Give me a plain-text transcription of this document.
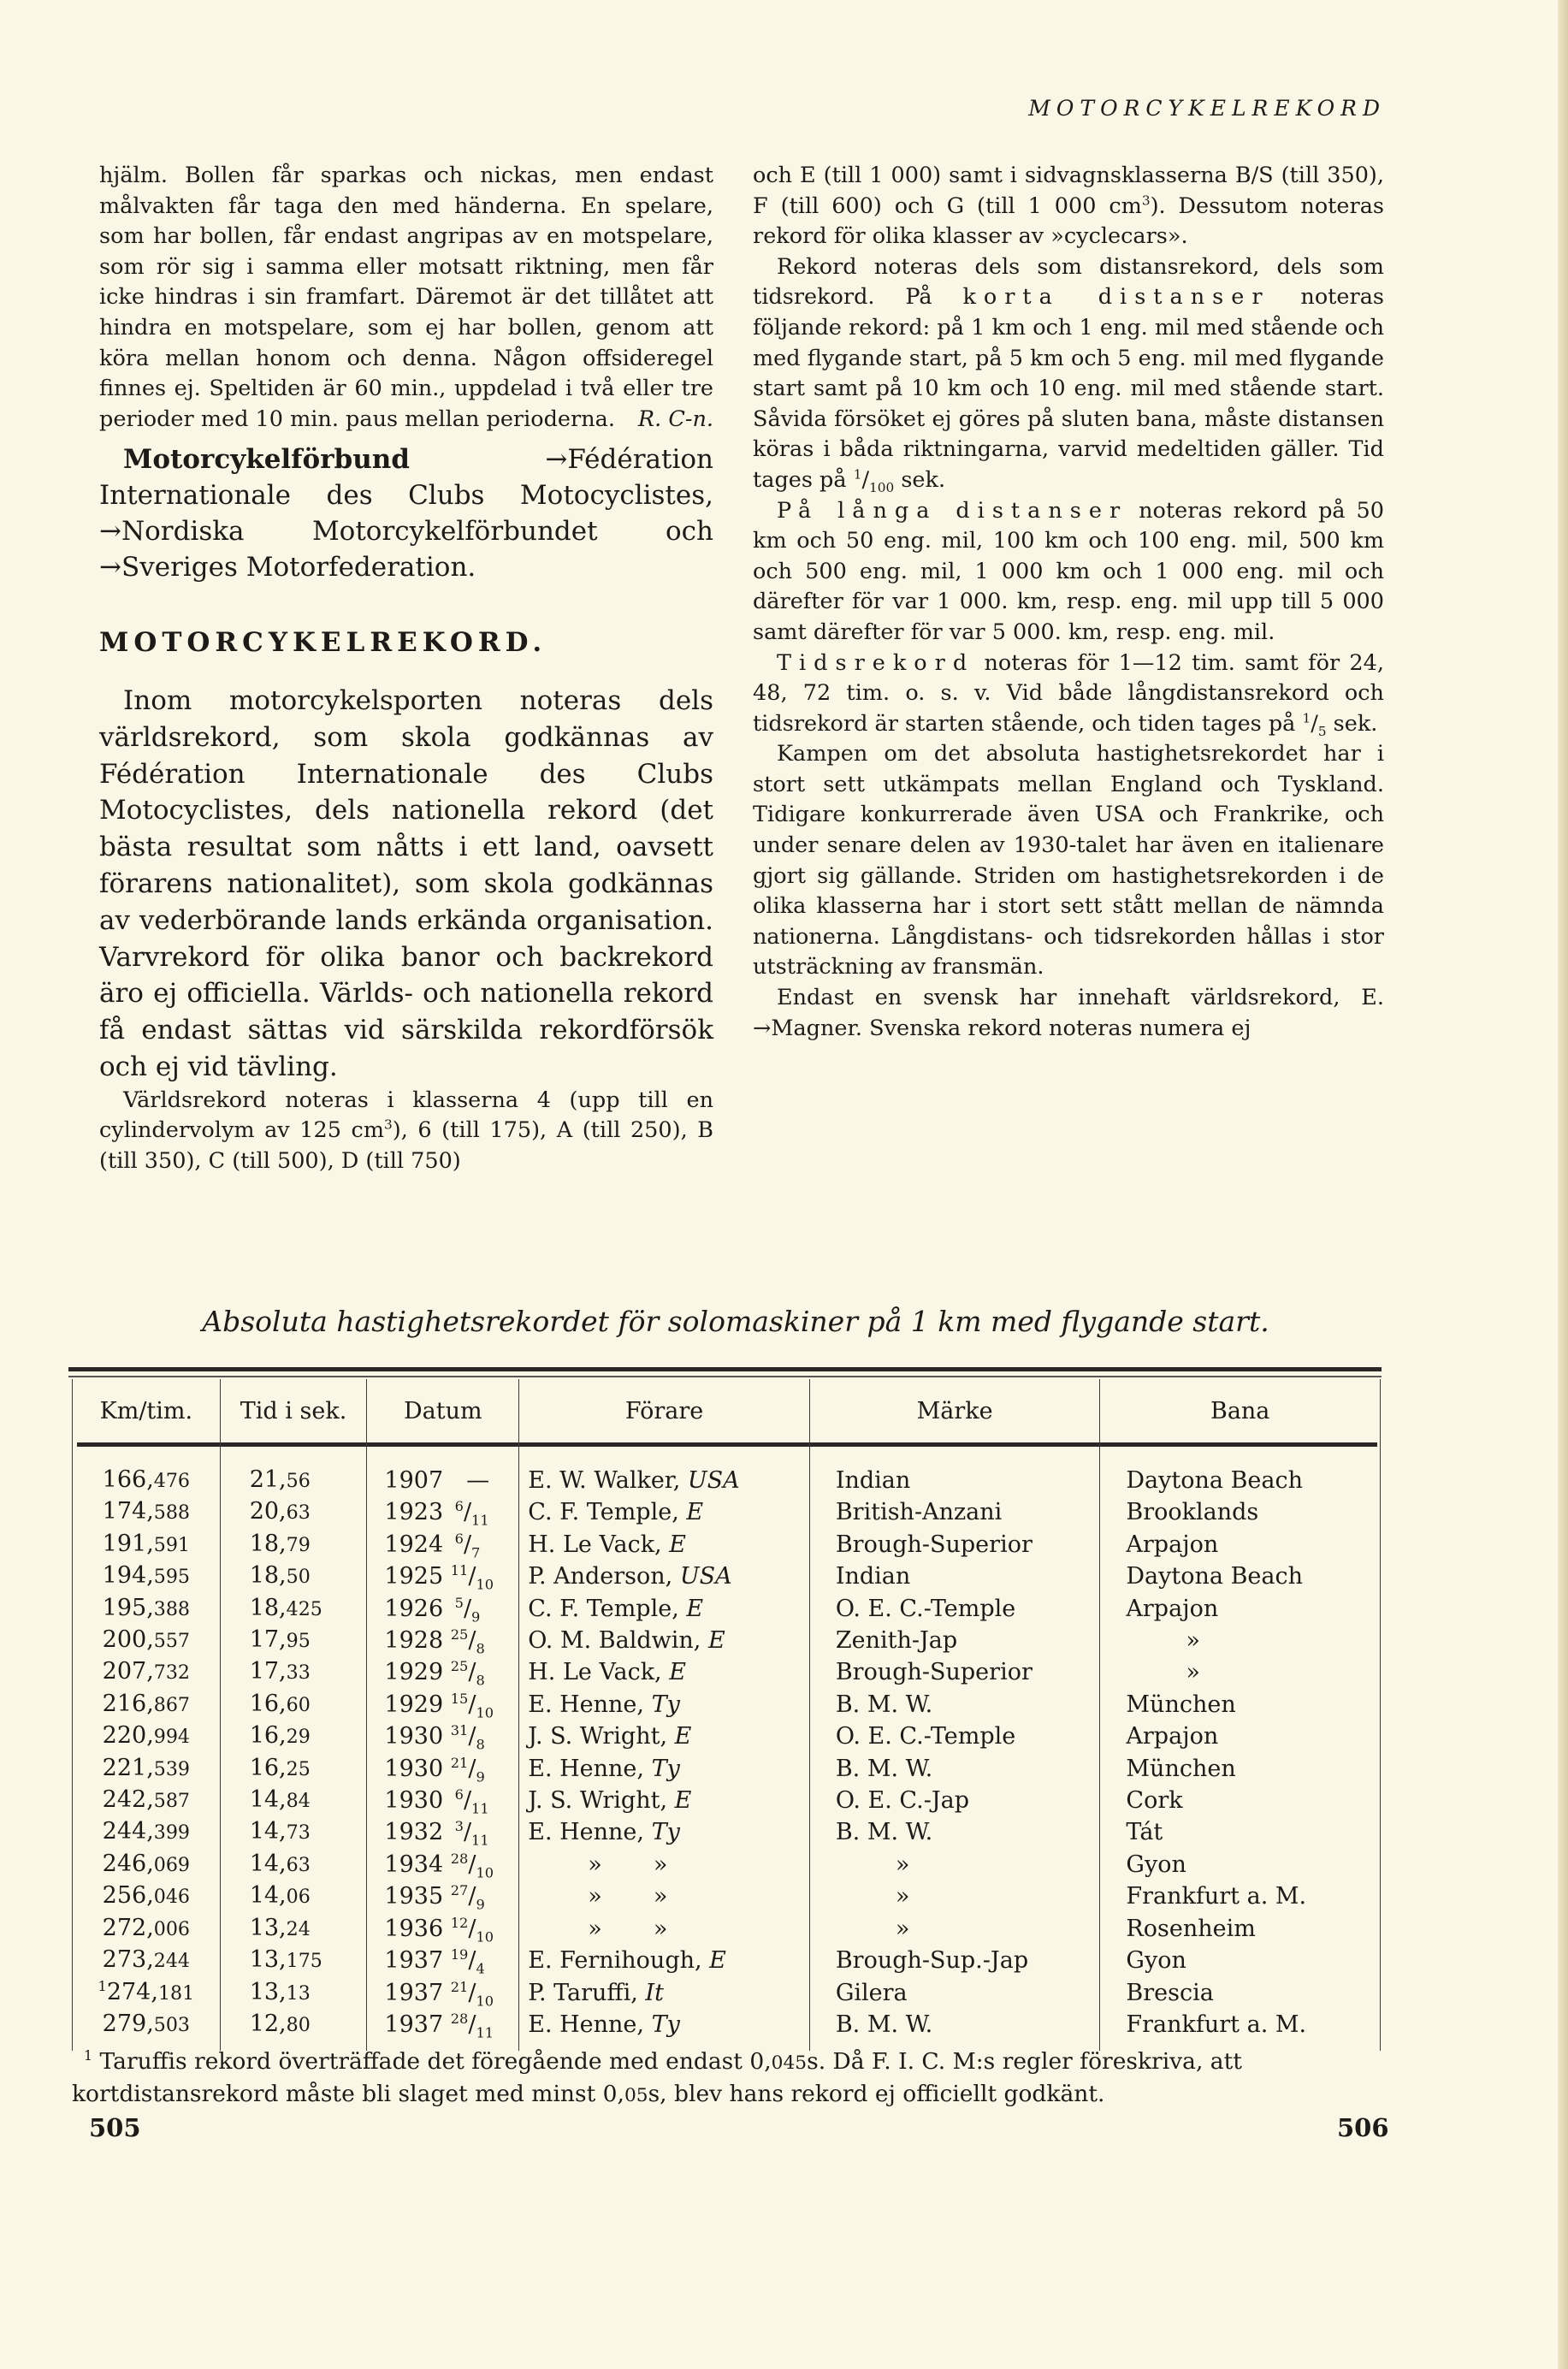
MOTORCYKELREKORD

hjälm. Bollen får sparkas och nickas, men endast målvakten får taga den med händerna. En spelare, som har bollen, får endast angripas av en motspelare, som rör sig i samma eller motsatt riktning, men får icke hindras i sin framfart. Däremot är det tillåtet att hindra en motspelare, som ej har bollen, genom att köra mellan honom och denna. Någon offsideregel finnes ej. Speltiden är 60 min., uppdelad i två eller tre perioder med 10 min. paus mellan perioderna.	R. C-n.

Motorcykelförbund →Fédération Internationale des Clubs Motocyclistes, →Nordiska Motorcykelförbundet och →Sveriges Motorfederation.

MOTORCYKELREKORD.

Inom motorcykelsporten noteras dels världsrekord, som skola godkännas av Fédération Internationale des Clubs Motocyclistes, dels nationella rekord (det bästa resultat som nåtts i ett land, oavsett förarens nationalitet), som skola godkännas av vederbörande lands erkända organisation. Varvrekord för olika banor och backrekord äro ej officiella. Världs- och nationella rekord få endast sättas vid särskilda rekordförsök och ej vid tävling.

Världsrekord noteras i klasserna 4 (upp till en cylindervolym av 125 $cm^3$), 6 (till 175), A (till 250), B (till 350), C (till 500), D (till 750)

och E (till 1 000) samt i sidvagnsklasserna B/S (till 350), F (till 600) och G (till 1 000 $cm^3$). Dessutom noteras rekord för olika klasser av »cyclecars».

Rekord noteras dels som distansrekord, dels som tidsrekord. På korta distanser noteras följande rekord: på 1 km och 1 eng. mil med stående och med flygande start, på 5 km och 5 eng. mil med flygande start samt på 10 km och 10 eng. mil med stående start. Såvida försöket ej göres på sluten bana, måste distansen köras i båda riktningarna, varvid medeltiden gäller. Tid tages på $^1/_{100}$ sek.

På långa distanser noteras rekord på 50 km och 50 eng. mil, 100 km och 100 eng. mil, 500 km och 500 eng. mil, 1 000 km och 1 000 eng. mil och därefter för var 1 000. km, resp. eng. mil upp till 5 000 samt därefter för var 5 000. km, resp. eng. mil.

Tidsrekord noteras för 1—12 tim. samt för 24, 48, 72 tim. o. s. v. Vid både långdistansrekord och tidsrekord är starten stående, och tiden tages på $^1/_5$ sek.

Kampen om det absoluta hastighetsrekordet har i stort sett utkämpats mellan England och Tyskland. Tidigare konkurrerade även USA och Frankrike, och under senare delen av 1930-talet har även en italienare gjort sig gällande. Striden om hastighetsrekorden i de olika klasserna har i stort sett stått mellan de nämnda nationerna. Långdistans- och tidsrekorden hållas i stor utsträckning av fransmän.

Endast en svensk har innehaft världsrekord, E. →Magner. Svenska rekord noteras numera ej

Absoluta hastighetsrekordet för solomaskiner på 1 km med flygande start.
Km/tim.	Tid i sek.	Datum	Förare	Märke	Bana
166,476	21,56	1907 —	E. W. Walker, USA	Indian	Daytona Beach
174,588	20,63	1923  $^6/_{11}$	C. F. Temple, E	British-Anzani	Brooklands
191,591	18,79	1924  $^6/_7$	H. Le Vack, E	Brough-Superior	Arpajon
194,595	18,50	1925 $^{11}/_{10}$	P. Anderson, USA	Indian	Daytona Beach
195,388	18,425	1926  $^5/_9$	C. F. Temple, E	O. E. C.-Temple	Arpajon
200,557	17,95	1928 $^{25}/_8$	O. M. Baldwin, E	Zenith-Jap	»
207,732	17,33	1929 $^{25}/_8$	H. Le Vack, E	Brough-Superior	»
216,867	16,60	1929 $^{15}/_{10}$	E. Henne, Ty	B. M. W.	München
220,994	16,29	1930 $^{31}/_8$	J. S. Wright, E	O. E. C.-Temple	Arpajon
221,539	16,25	1930 $^{21}/_9$	E. Henne, Ty	B. M. W.	München
242,587	14,84	1930  $^6/_{11}$	J. S. Wright, E	O. E. C.-Jap	Cork
244,399	14,73	1932  $^3/_{11}$	E. Henne, Ty	B. M. W.	Tát
246,069	14,63	1934 $^{28}/_{10}$	»       »	»	Gyon
256,046	14,06	1935 $^{27}/_9$	»       »	»	Frankfurt a. M.
272,006	13,24	1936 $^{12}/_{10}$	»       »	»	Rosenheim
273,244	13,175	1937 $^{19}/_4$	E. Fernihough, E	Brough-Sup.-Jap	Gyon
$^1$274,181	13,13	1937 $^{21}/_{10}$	P. Taruffi, It	Gilera	Brescia
279,503	12,80	1937 $^{28}/_{11}$	E. Henne, Ty	B. M. W.	Frankfurt a. M.

$^1$ Taruffis rekord överträffade det föregående med endast 0,045s. Då F. I. C. M:s regler föreskriva, att kortdistansrekord måste bli slaget med minst 0,05s, blev hans rekord ej officiellt godkänt.

505	506
